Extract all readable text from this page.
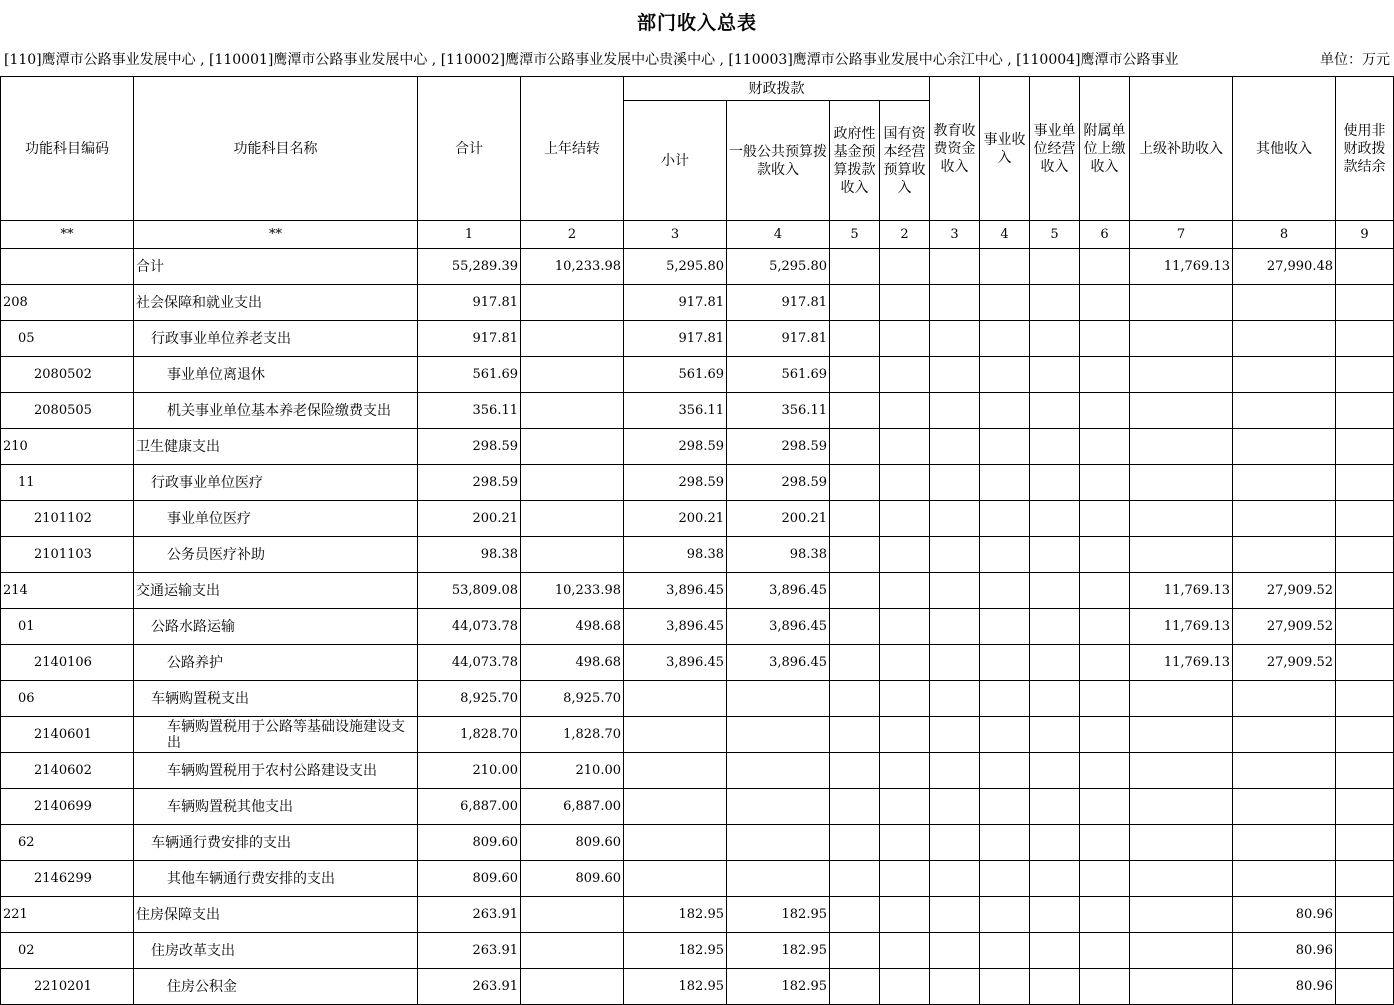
部门收入总表
[110]鹰潭市公路事业发展中心 , [110001]鹰潭市公路事业发展中心 , [110002]鹰潭市公路事业发展中心贵溪中心 , [110003]鹰潭市公路事业发展中心余江中心 , [110004]鹰潭市公路事业	单位：万元
功能科目编码	功能科目名称	合计	上年结转	财政拨款				教育收费资金收入	事业收入	事业单位经营收入	附属单位上缴收入	上级补助收入	其他收入	使用非财政拨款结余
				小计	一般公共预算拨款收入	政府性基金预算拨款收入	国有资本经营预算收入							
**	**	1	2	3	4	5	2	3	4	5	6	7	8	9
	合计	55,289.39	10,233.98	5,295.80	5,295.80							11,769.13	27,990.48	
208	社会保障和就业支出	917.81		917.81	917.81									
05	行政事业单位养老支出	917.81		917.81	917.81									
2080502	事业单位离退休	561.69		561.69	561.69									
2080505	机关事业单位基本养老保险缴费支出	356.11		356.11	356.11									
210	卫生健康支出	298.59		298.59	298.59									
11	行政事业单位医疗	298.59		298.59	298.59									
2101102	事业单位医疗	200.21		200.21	200.21									
2101103	公务员医疗补助	98.38		98.38	98.38									
214	交通运输支出	53,809.08	10,233.98	3,896.45	3,896.45							11,769.13	27,909.52	
01	公路水路运输	44,073.78	498.68	3,896.45	3,896.45							11,769.13	27,909.52	
2140106	公路养护	44,073.78	498.68	3,896.45	3,896.45							11,769.13	27,909.52	
06	车辆购置税支出	8,925.70	8,925.70											
2140601	车辆购置税用于公路等基础设施建设支出	1,828.70	1,828.70											
2140602	车辆购置税用于农村公路建设支出	210.00	210.00											
2140699	车辆购置税其他支出	6,887.00	6,887.00											
62	车辆通行费安排的支出	809.60	809.60											
2146299	其他车辆通行费安排的支出	809.60	809.60											
221	住房保障支出	263.91		182.95	182.95								80.96	
02	住房改革支出	263.91		182.95	182.95								80.96	
2210201	住房公积金	263.91		182.95	182.95								80.96	
